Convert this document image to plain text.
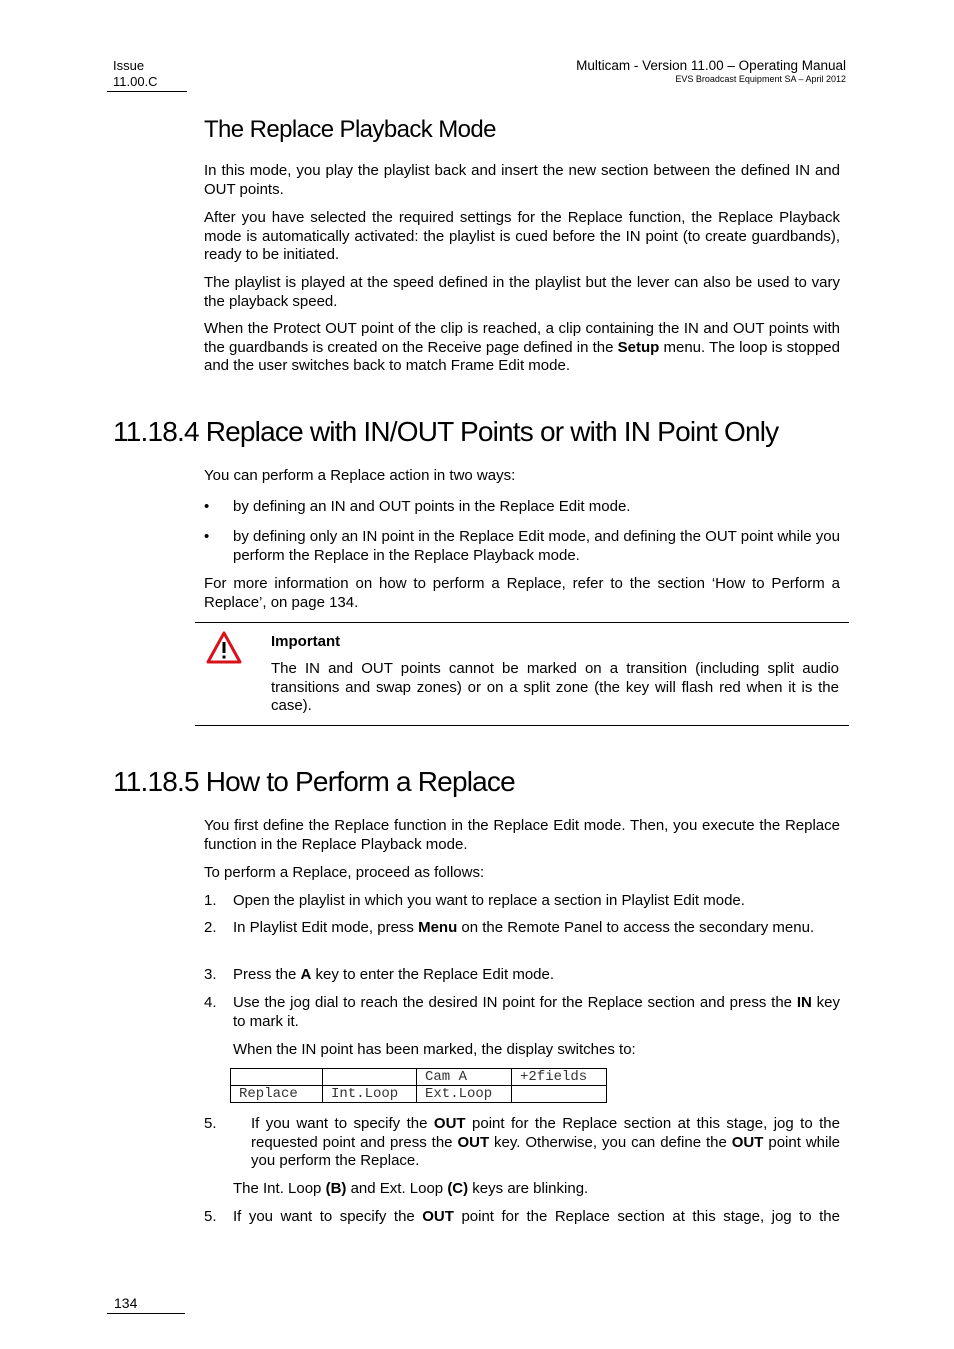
Issue
11.00.C
Multicam - Version 11.00 – Operating Manual
EVS Broadcast Equipment SA – April 2012
The Replace Playback Mode
In this mode, you play the playlist back and insert the new section between the defined IN and OUT points.
After you have selected the required settings for the Replace function, the Replace Playback mode is automatically activated: the playlist is cued before the IN point (to create guardbands), ready to be initiated.
The playlist is played at the speed defined in the playlist but the lever can also be used to vary the playback speed.
When the Protect OUT point of the clip is reached, a clip containing the IN and OUT points with the guardbands is created on the Receive page defined in the Setup menu. The loop is stopped and the user switches back to match Frame Edit mode.
11.18.4 Replace with IN/OUT Points or with IN Point Only
You can perform a Replace action in two ways:
• by defining an IN and OUT points in the Replace Edit mode.
• by defining only an IN point in the Replace Edit mode, and defining the OUT point while you perform the Replace in the Replace Playback mode.
For more information on how to perform a Replace, refer to the section ‘How to Perform a Replace’, on page 134.
Important
The IN and OUT points cannot be marked on a transition (including split audio transitions and swap zones) or on a split zone (the key will flash red when it is the case).
11.18.5 How to Perform a Replace
You first define the Replace function in the Replace Edit mode. Then, you execute the Replace function in the Replace Playback mode.
To perform a Replace, proceed as follows:
1. Open the playlist in which you want to replace a section in Playlist Edit mode.
2. In Playlist Edit mode, press Menu on the Remote Panel to access the secondary menu.
3. Press the A key to enter the Replace Edit mode.
4. Use the jog dial to reach the desired IN point for the Replace section and press the IN key to mark it.
When the IN point has been marked, the display switches to:
		Cam A	+2fields
Replace	Int.Loop	Ext.Loop	
5. If you want to specify the OUT point for the Replace section at this stage, jog to the requested point and press the OUT key. Otherwise, you can define the OUT point while you perform the Replace.
The Int. Loop (B) and Ext. Loop (C) keys are blinking.
5. If you want to specify the OUT point for the Replace section at this stage, jog to the
134
